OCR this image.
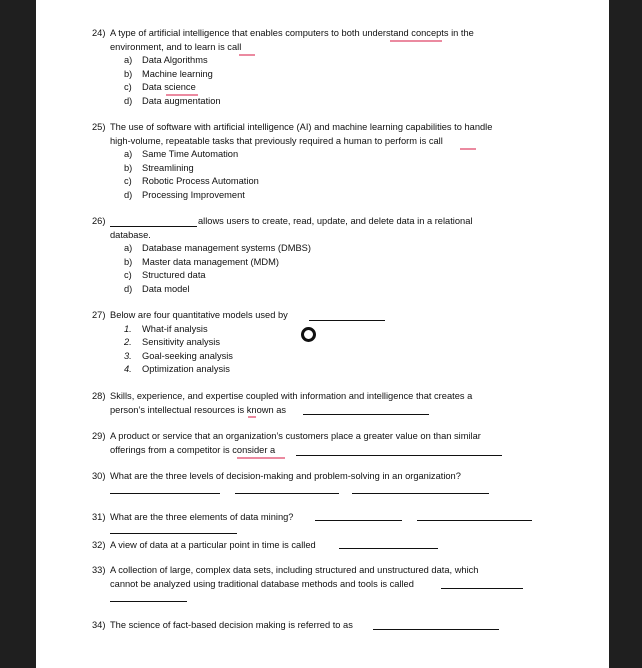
24) A type of artificial intelligence that enables computers to both understand concepts in the
environment, and to learn is call
a) Data Algorithms
b) Machine learning
c) Data science
d) Data augmentation
25) The use of software with artificial intelligence (AI) and machine learning capabilities to handle
high-volume, repeatable tasks that previously required a human to perform is call
a) Same Time Automation
b) Streamlining
c) Robotic Process Automation
d) Processing Improvement
26)	allows users to create, read, update, and delete data in a relational
database.
a) Database management systems (DMBS)
b) Master data management (MDM)
c) Structured data
d) Data model
27) Below are four quantitative models used by
1. What-if analysis
2. Sensitivity analysis
3. Goal-seeking analysis
4. Optimization analysis
28) Skills, experience, and expertise coupled with information and intelligence that creates a
person’s intellectual resources is known as
29) A product or service that an organization’s customers place a greater value on than similar
offerings from a competitor is consider a
30) What are the three levels of decision-making and problem-solving in an organization?
31) What are the three elements of data mining?
32) A view of data at a particular point in time is called
33) A collection of large, complex data sets, including structured and unstructured data, which
cannot be analyzed using traditional database methods and tools is called
34) The science of fact-based decision making is referred to as
